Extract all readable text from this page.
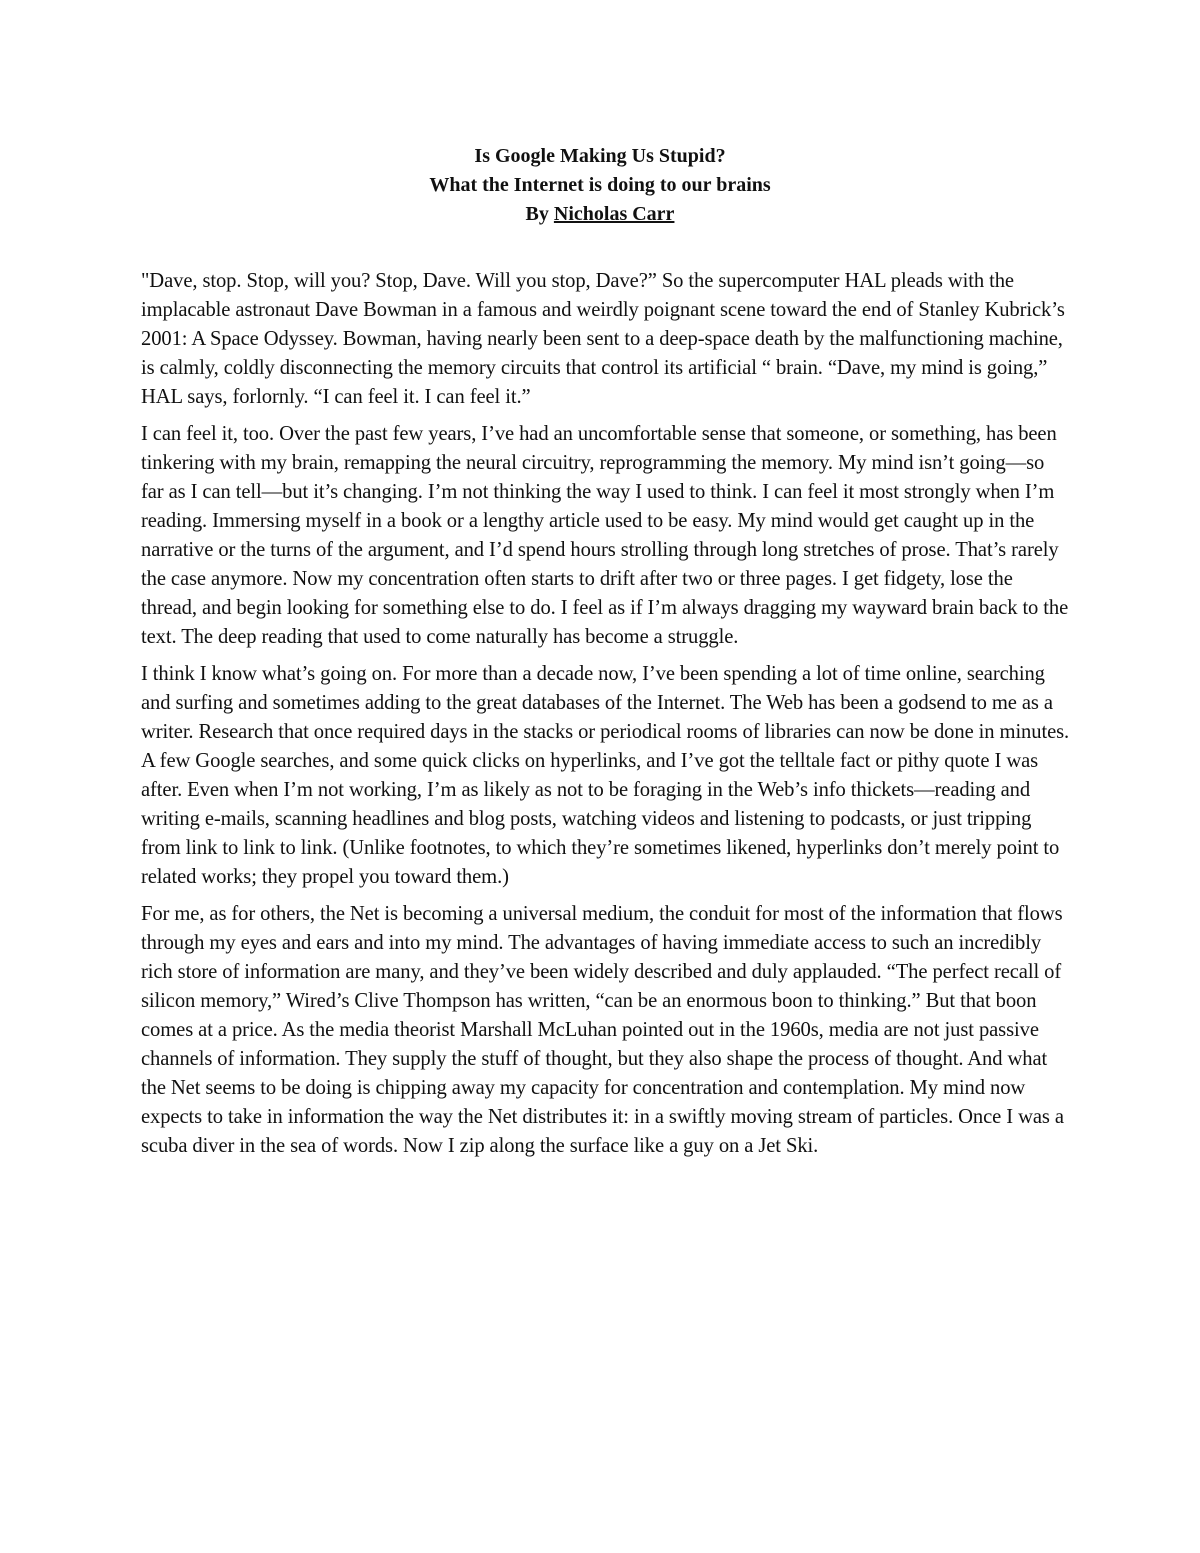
Is Google Making Us Stupid?
What the Internet is doing to our brains
By Nicholas Carr

"Dave, stop. Stop, will you? Stop, Dave. Will you stop, Dave?” So the supercomputer HAL pleads with the implacable astronaut Dave Bowman in a famous and weirdly poignant scene toward the end of Stanley Kubrick’s 2001: A Space Odyssey. Bowman, having nearly been sent to a deep-space death by the malfunctioning machine, is calmly, coldly disconnecting the memory circuits that control its artificial “ brain. “Dave, my mind is going,” HAL says, forlornly. “I can feel it. I can feel it.”

I can feel it, too. Over the past few years, I’ve had an uncomfortable sense that someone, or something, has been tinkering with my brain, remapping the neural circuitry, reprogramming the memory. My mind isn’t going—so far as I can tell—but it’s changing. I’m not thinking the way I used to think. I can feel it most strongly when I’m reading. Immersing myself in a book or a lengthy article used to be easy. My mind would get caught up in the narrative or the turns of the argument, and I’d spend hours strolling through long stretches of prose. That’s rarely the case anymore. Now my concentration often starts to drift after two or three pages. I get fidgety, lose the thread, and begin looking for something else to do. I feel as if I’m always dragging my wayward brain back to the text. The deep reading that used to come naturally has become a struggle.

I think I know what’s going on. For more than a decade now, I’ve been spending a lot of time online, searching and surfing and sometimes adding to the great databases of the Internet. The Web has been a godsend to me as a writer. Research that once required days in the stacks or periodical rooms of libraries can now be done in minutes. A few Google searches, and some quick clicks on hyperlinks, and I’ve got the telltale fact or pithy quote I was after. Even when I’m not working, I’m as likely as not to be foraging in the Web’s info thickets—reading and writing e-mails, scanning headlines and blog posts, watching videos and listening to podcasts, or just tripping from link to link to link. (Unlike footnotes, to which they’re sometimes likened, hyperlinks don’t merely point to related works; they propel you toward them.)

For me, as for others, the Net is becoming a universal medium, the conduit for most of the information that flows through my eyes and ears and into my mind. The advantages of having immediate access to such an incredibly rich store of information are many, and they’ve been widely described and duly applauded. “The perfect recall of silicon memory,” Wired’s Clive Thompson has written, “can be an enormous boon to thinking.” But that boon comes at a price. As the media theorist Marshall McLuhan pointed out in the 1960s, media are not just passive channels of information. They supply the stuff of thought, but they also shape the process of thought. And what the Net seems to be doing is chipping away my capacity for concentration and contemplation. My mind now expects to take in information the way the Net distributes it: in a swiftly moving stream of particles. Once I was a scuba diver in the sea of words. Now I zip along the surface like a guy on a Jet Ski.
